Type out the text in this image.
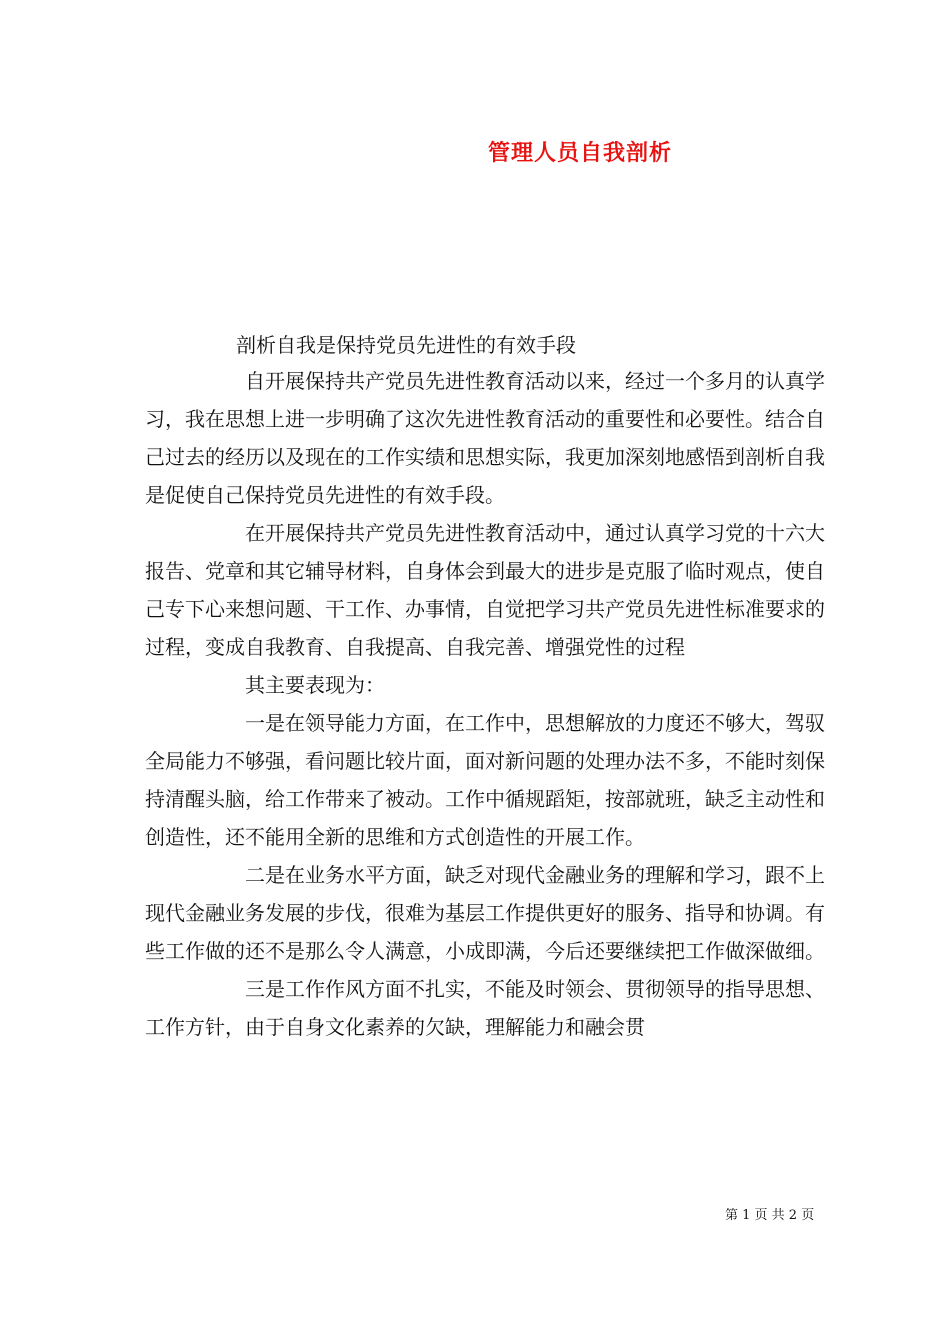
管理人员自我剖析
剖析自我是保持党员先进性的有效手段

自开展保持共产党员先进性教育活动以来，经过一个多月的认真学习，我在思想上进一步明确了这次先进性教育活动的重要性和必要性。结合自己过去的经历以及现在的工作实绩和思想实际，我更加深刻地感悟到剖析自我是促使自己保持党员先进性的有效手段。

在开展保持共产党员先进性教育活动中，通过认真学习党的十六大报告、党章和其它辅导材料，自身体会到最大的进步是克服了临时观点，使自己专下心来想问题、干工作、办事情，自觉把学习共产党员先进性标准要求的过程，变成自我教育、自我提高、自我完善、增强党性的过程

其主要表现为：

一是在领导能力方面，在工作中，思想解放的力度还不够大，驾驭全局能力不够强，看问题比较片面，面对新问题的处理办法不多，不能时刻保持清醒头脑，给工作带来了被动。工作中循规蹈矩，按部就班，缺乏主动性和创造性，还不能用全新的思维和方式创造性的开展工作。

二是在业务水平方面，缺乏对现代金融业务的理解和学习，跟不上现代金融业务发展的步伐，很难为基层工作提供更好的服务、指导和协调。有些工作做的还不是那么令人满意，小成即满，今后还要继续把工作做深做细。

三是工作作风方面不扎实，不能及时领会、贯彻领导的指导思想、工作方针，由于自身文化素养的欠缺，理解能力和融会贯

第 1 页 共 2 页
